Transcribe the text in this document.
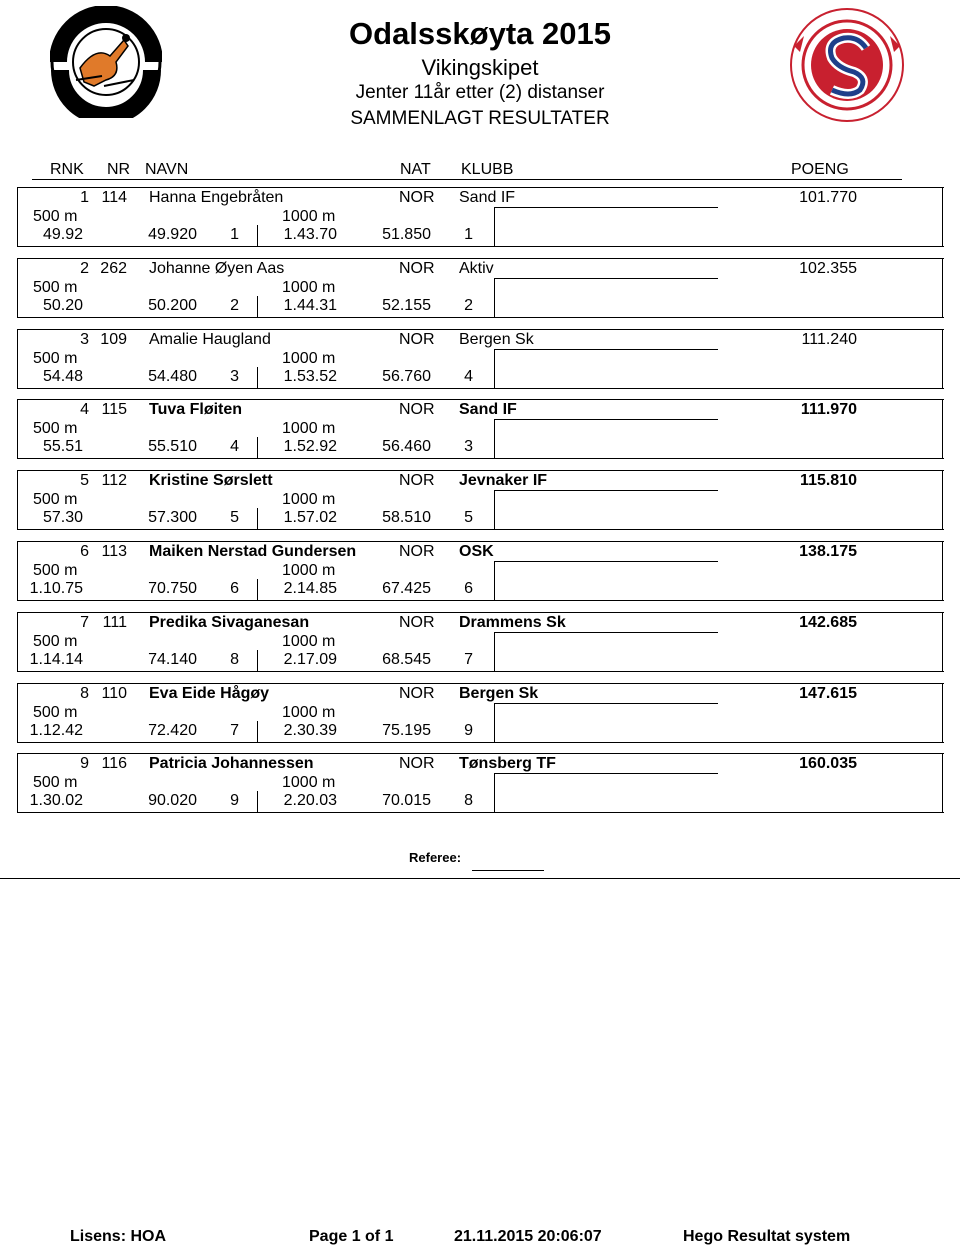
Odalsskøyta 2015
Vikingskipet
Jenter 11år etter (2) distanser
SAMMENLAGT RESULTATER
RNK NR NAVN	NAT KLUBB	POENG
1 114 Hanna Engebråten	NOR Sand IF	101.770
500 m	1000 m
49.92	49.920	1	1.43.70	51.850	1
2 262 Johanne Øyen Aas	NOR Aktiv	102.355
500 m	1000 m
50.20	50.200	2	1.44.31	52.155	2
3 109 Amalie Haugland	NOR Bergen Sk	111.240
500 m	1000 m
54.48	54.480	3	1.53.52	56.760	4
4 115 Tuva Fløiten	NOR Sand IF	111.970
500 m	1000 m
55.51	55.510	4	1.52.92	56.460	3
5 112 Kristine Sørslett	NOR Jevnaker IF	115.810
500 m	1000 m
57.30	57.300	5	1.57.02	58.510	5
6 113 Maiken Nerstad Gundersen	NOR OSK	138.175
500 m	1000 m
1.10.75	70.750	6	2.14.85	67.425	6
7 111 Predika Sivaganesan	NOR Drammens Sk	142.685
500 m	1000 m
1.14.14	74.140	8	2.17.09	68.545	7
8 110 Eva Eide Hågøy	NOR Bergen Sk	147.615
500 m	1000 m
1.12.42	72.420	7	2.30.39	75.195	9
9 116 Patricia Johannessen	NOR Tønsberg TF	160.035
500 m	1000 m
1.30.02	90.020	9	2.20.03	70.015	8
Referee:
Lisens: HOA	Page 1 of 1	21.11.2015 20:06:07	Hego Resultat system
